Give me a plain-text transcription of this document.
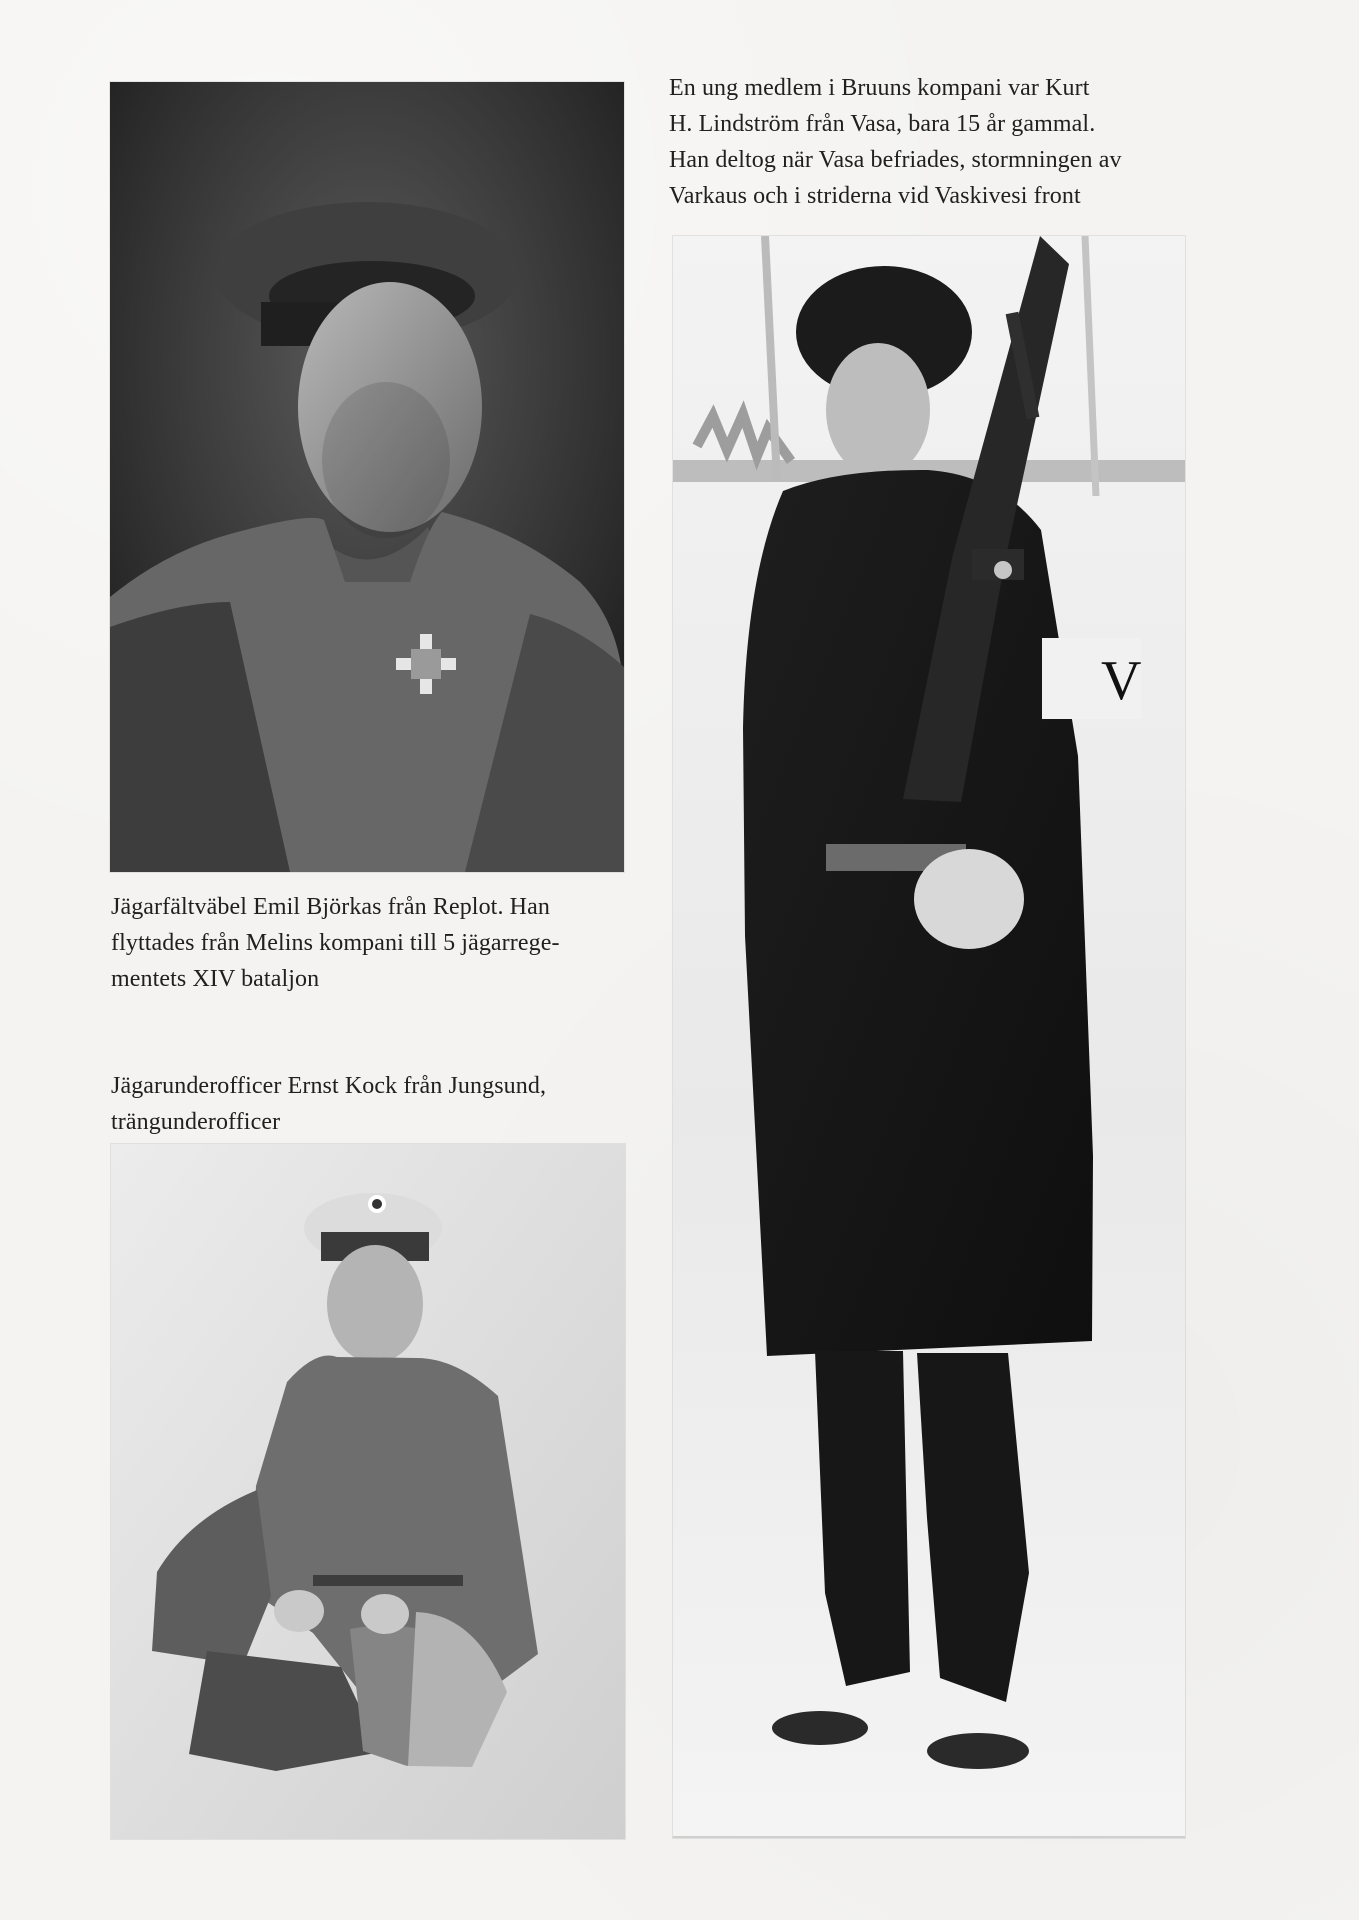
En ung medlem i Bruuns kompani var Kurt
H. Lindström från Vasa, bara 15 år gammal.
Han deltog när Vasa befriades, stormningen av
Varkaus och i striderna vid Vaskivesi front
Jägarfältväbel Emil Björkas från Replot. Han
flyttades från Melins kompani till 5 jägarrege-
mentets XIV bataljon
Jägarunderofficer Ernst Kock från Jungsund,
trängunderofficer
V
